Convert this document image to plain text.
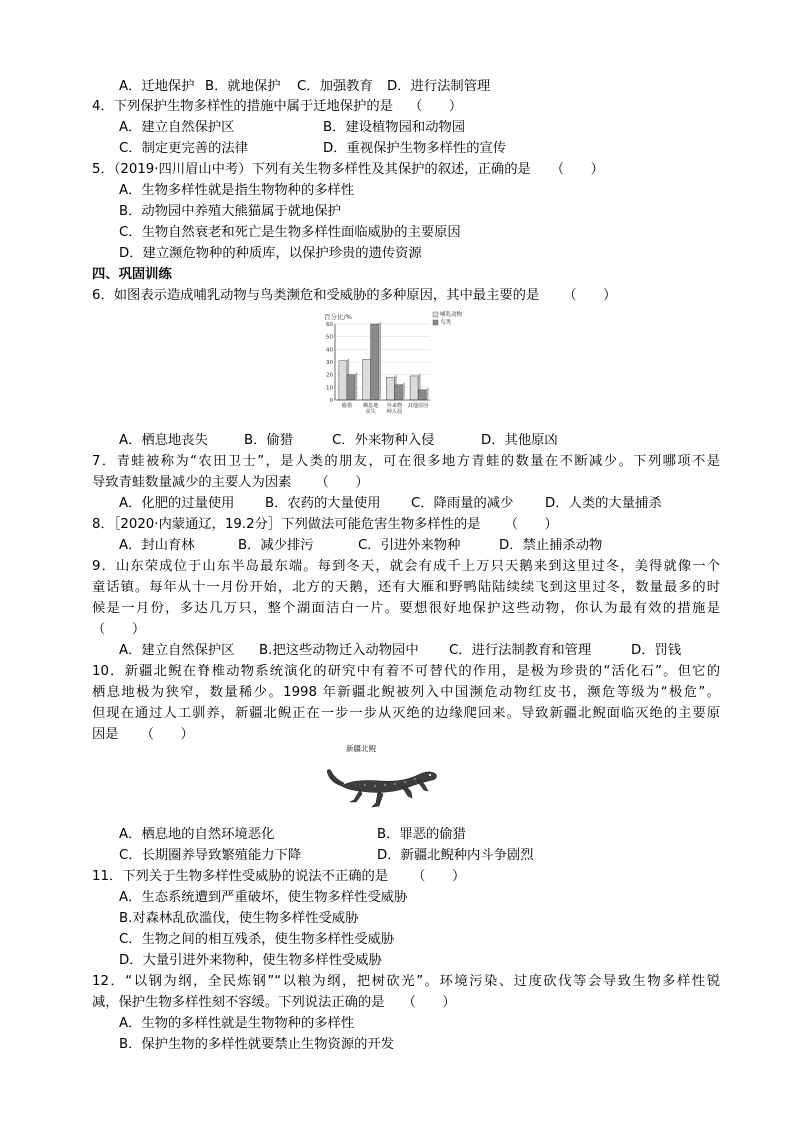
A．迁地保护 B．就地保护	C．加强教育	D．进行法制管理
4．下列保护生物多样性的措施中属于迁地保护的是 （　　）
A．建立自然保护区	B．建设植物园和动物园
C．制定更完善的法律	D．重视保护生物多样性的宣传
5．（2019·四川眉山中考）下列有关生物多样性及其保护的叙述，正确的是 （　　）
A．生物多样性就是指生物物种的多样性
B．动物园中养殖大熊猫属于就地保护
C．生物自然衰老和死亡是生物多样性面临威胁的主要原因
D．建立濒危物种的种质库，以保护珍贵的遗传资源
四、巩固训练
6．如图表示造成哺乳动物与鸟类濒危和受威胁的多种原因，其中最主要的是 （　　）
百分比/%
60
50
40
30
20
10
0
偷猎 栖息地
丧失
外来物
种入侵
其他原因
哺乳动物
鸟类
A．栖息地丧失	B．偷猎	C．外来物种入侵	D．其他原凶
7．青蛙被称为“农田卫士”，是人类的朋友，可在很多地方青蛙的数量在不断减少。下列哪项不是
导致青蛙数量减少的主要人为因素 （　　）
A．化肥的过量使用	B．农药的大量使用	C．降雨量的减少	D．人类的大量捕杀
8．［2020·内蒙通辽，19.2分］下列做法可能危害生物多样性的是 （　　）
A．封山育林	B．减少排污	C．引进外来物种	D．禁止捕杀动物
9．山东荣成位于山东半岛最东端。每到冬天，就会有成千上万只天鹅来到这里过冬，美得就像一个
童话镇。每年从十一月份开始，北方的天鹅，还有大雁和野鸭陆陆续续飞到这里过冬，数量最多的时
候是一月份，多达几万只，整个湖面洁白一片。要想很好地保护这些动物，你认为最有效的措施是
（　　）
A．建立自然保护区	B.把这些动物迁入动物园中	C．进行法制教育和管理	D．罚钱
10．新疆北鲵在脊椎动物系统演化的研究中有着不可替代的作用，是极为珍贵的“活化石”。但它的
栖息地极为狭窄，数量稀少。1998 年新疆北鲵被列入中国濒危动物红皮书，濒危等级为“极危”。
但现在通过人工驯养，新疆北鲵正在一步一步从灭绝的边缘爬回来。导致新疆北鲵面临灭绝的主要原
因是 （　　）
新疆北鲵
A．栖息地的自然环境恶化	B．罪恶的偷猎
C．长期圈养导致繁殖能力下降	D．新疆北鲵种内斗争剧烈
11．下列关于生物多样性受威胁的说法不正确的是 （　　）
A．生态系统遭到严重破坏，使生物多样性受威胁
B.对森林乱砍滥伐，使生物多样性受威胁
C．生物之间的相互残杀，使生物多样性受威胁
D．大量引进外来物种，使生物多样性受威胁
12．“以钢为纲，全民炼钢”“以粮为纲，把树砍光”。环境污染、过度砍伐等会导致生物多样性锐
减，保护生物多样性刻不容缓。下列说法正确的是 （　　）
A．生物的多样性就是生物物种的多样性
B．保护生物的多样性就要禁止生物资源的开发
